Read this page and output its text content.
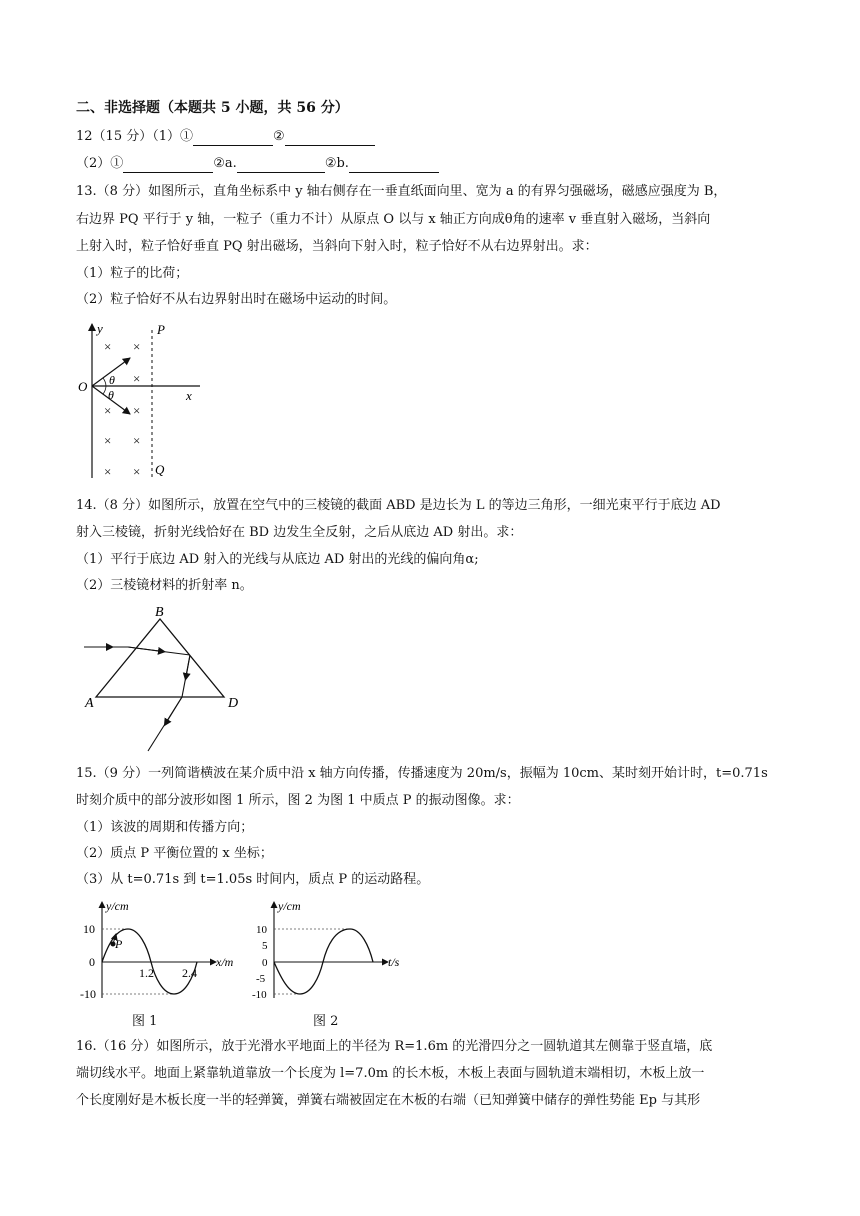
二、非选择题（本题共 5 小题，共 56 分）
12（15 分）（1）①	②
（2）①	②a.	②b.
13.（8 分）如图所示，直角坐标系中 y 轴右侧存在一垂直纸面向里、宽为 a 的有界匀强磁场，磁感应强度为 B，
右边界 PQ 平行于 y 轴，一粒子（重力不计）从原点 O 以与 x 轴正方向成θ角的速率 v 垂直射入磁场，当斜向
上射入时，粒子恰好垂直 PQ 射出磁场，当斜向下射入时，粒子恰好不从右边界射出。求：
（1）粒子的比荷；
（2）粒子恰好不从右边界射出时在磁场中运动的时间。
y
x
O
P
Q
θ
θ
× ×
×
× ×
× ×
× ×
14.（8 分）如图所示，放置在空气中的三棱镜的截面 ABD 是边长为 L 的等边三角形，一细光束平行于底边 AD
射入三棱镜，折射光线恰好在 BD 边发生全反射，之后从底边 AD 射出。求：
（1）平行于底边 AD 射入的光线与从底边 AD 射出的光线的偏向角α;
（2）三棱镜材料的折射率 n。
B
A	D
15.（9 分）一列简谐横波在某介质中沿 x 轴方向传播，传播速度为 20m/s，振幅为 10cm、某时刻开始计时，t=0.71s
时刻介质中的部分波形如图 1 所示，图 2 为图 1 中质点 P 的振动图像。求：
（1）该波的周期和传播方向；
（2）质点 P 平衡位置的 x 坐标；
（3）从 t=0.71s 到 t=1.05s 时间内，质点 P 的运动路程。
y/cm
x/m
P
10
0
-10
1.2 2.4
图 1
y/cm
t/s
10
5
0
-5
-10
图 2
16.（16 分）如图所示，放于光滑水平地面上的半径为 R=1.6m 的光滑四分之一圆轨道其左侧靠于竖直墙，底
端切线水平。地面上紧靠轨道靠放一个长度为 l=7.0m 的长木板，木板上表面与圆轨道末端相切，木板上放一
个长度刚好是木板长度一半的轻弹簧，弹簧右端被固定在木板的右端（已知弹簧中储存的弹性势能 Ep 与其形
